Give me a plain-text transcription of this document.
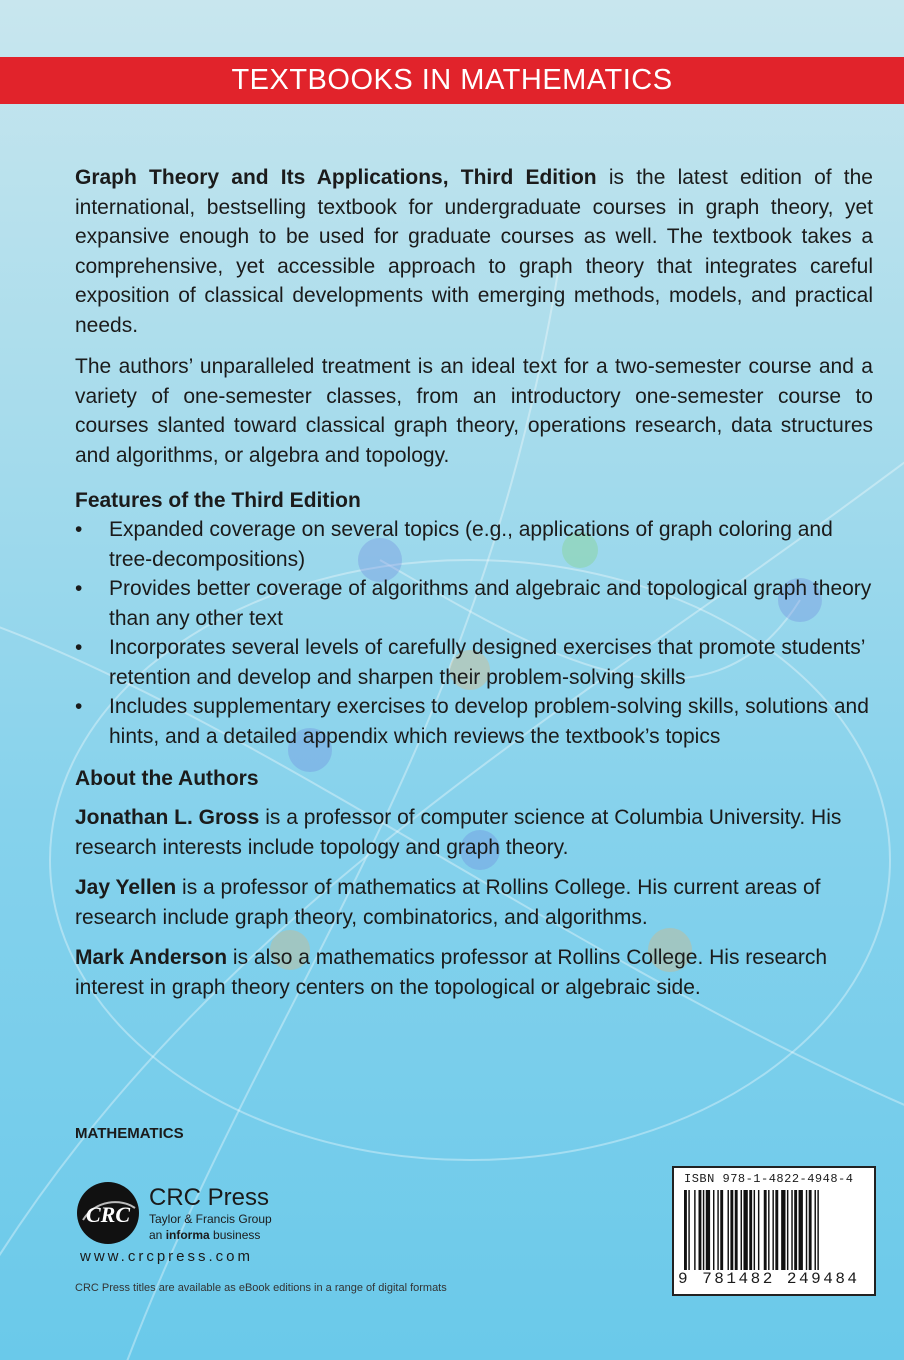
TEXTBOOKS IN MATHEMATICS

Graph Theory and Its Applications, Third Edition is the latest edition of the international, bestselling textbook for undergraduate courses in graph theory, yet expansive enough to be used for graduate courses as well. The textbook takes a comprehensive, yet accessible approach to graph theory that integrates careful exposition of classical developments with emerging methods, models, and practical needs.

The authors’ unparalleled treatment is an ideal text for a two-semester course and a variety of one-semester classes, from an introductory one-semester course to courses slanted toward classical graph theory, operations research, data structures and algorithms, or algebra and topology.

Features of the Third Edition
• Expanded coverage on several topics (e.g., applications of graph coloring and tree-decompositions)
• Provides better coverage of algorithms and algebraic and topological graph theory than any other text
• Incorporates several levels of carefully designed exercises that promote students’ retention and develop and sharpen their problem-solving skills
• Includes supplementary exercises to develop problem-solving skills, solutions and hints, and a detailed appendix which reviews the textbook’s topics
About the Authors

Jonathan L. Gross is a professor of computer science at Columbia University. His research interests include topology and graph theory.

Jay Yellen is a professor of mathematics at Rollins College. His current areas of research include graph theory, combinatorics, and algorithms.

Mark Anderson is also a mathematics professor at Rollins College. His research interest in graph theory centers on the topological or algebraic side.

MATHEMATICS
CRC
CRC Press
Taylor & Francis Group
an informa business
www.crcpress.com
CRC Press titles are available as eBook editions in a range of digital formats
ISBN 978-1-4822-4948-4
9 781482 249484
